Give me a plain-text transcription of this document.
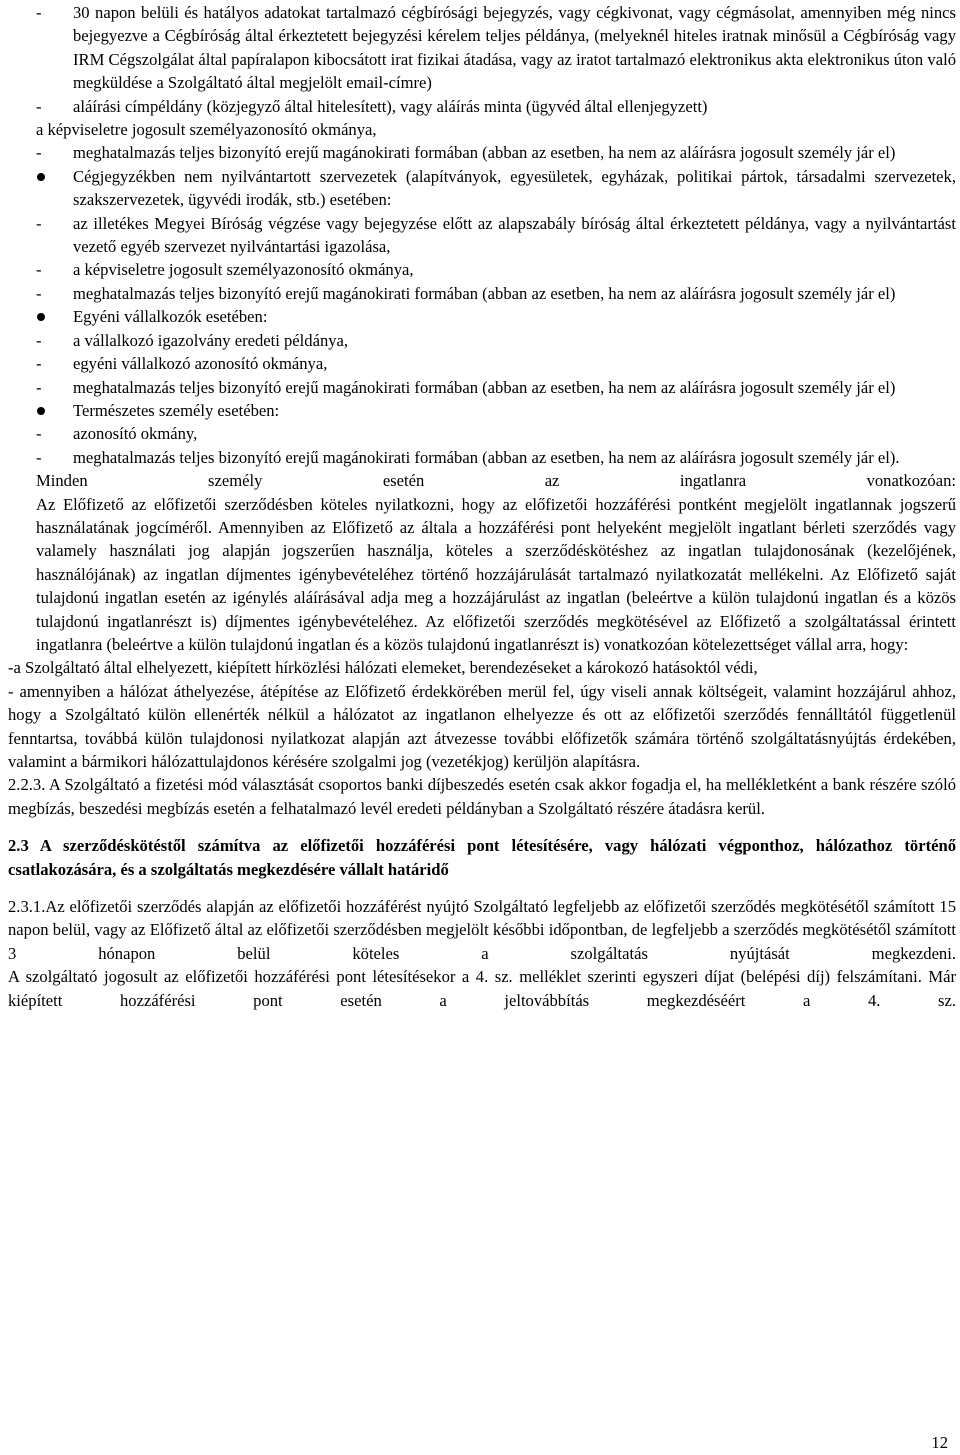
- 30 napon belüli és hatályos adatokat tartalmazó cégbírósági bejegyzés, vagy cégkivonat, vagy cégmásolat, amennyiben még nincs bejegyezve a Cégbíróság által érkeztetett bejegyzési kérelem teljes példánya, (melyeknél hiteles iratnak minősül a Cégbíróság vagy IRM Cégszolgálat által papíralapon kibocsátott irat fizikai átadása, vagy az iratot tartalmazó elektronikus akta elektronikus úton való megküldése a Szolgáltató által megjelölt email-címre)
- aláírási címpéldány (közjegyző által hitelesített), vagy aláírás minta (ügyvéd által ellenjegyzett)
a képviseletre jogosult személyazonosító okmánya,
- meghatalmazás teljes bizonyító erejű magánokirati formában (abban az esetben, ha nem az aláírásra jogosult személy jár el)
Cégjegyzékben nem nyilvántartott szervezetek (alapítványok, egyesületek, egyházak, politikai pártok, társadalmi szervezetek, szakszervezetek, ügyvédi irodák, stb.) esetében:
- az illetékes Megyei Bíróság végzése vagy bejegyzése előtt az alapszabály bíróság által érkeztetett példánya, vagy a nyilvántartást vezető egyéb szervezet nyilvántartási igazolása,
- a képviseletre jogosult személyazonosító okmánya,
- meghatalmazás teljes bizonyító erejű magánokirati formában (abban az esetben, ha nem az aláírásra jogosult személy jár el)
Egyéni vállalkozók esetében:
- a vállalkozó igazolvány eredeti példánya,
- egyéni vállalkozó azonosító okmánya,
- meghatalmazás teljes bizonyító erejű magánokirati formában (abban az esetben, ha nem az aláírásra jogosult személy jár el)
Természetes személy esetében:
- azonosító okmány,
- meghatalmazás teljes bizonyító erejű magánokirati formában (abban az esetben, ha nem az aláírásra jogosult személy jár el).
Minden személy esetén az ingatlanra vonatkozóan:
Az Előfizető az előfizetői szerződésben köteles nyilatkozni, hogy az előfizetői hozzáférési pontként megjelölt ingatlannak jogszerű használatának jogcíméről. Amennyiben az Előfizető az általa a hozzáférési pont helyeként megjelölt ingatlant bérleti szerződés vagy valamely használati jog alapján jogszerűen használja, köteles a szerződéskötéshez az ingatlan tulajdonosának (kezelőjének, használójának) az ingatlan díjmentes igénybevételéhez történő hozzájárulását tartalmazó nyilatkozatát mellékelni. Az Előfizető saját tulajdonú ingatlan esetén az igénylés aláírásával adja meg a hozzájárulást az ingatlan (beleértve a külön tulajdonú ingatlan és a közös tulajdonú ingatlanrészt is) díjmentes igénybevételéhez. Az előfizetői szerződés megkötésével az Előfizető a szolgáltatással érintett ingatlanra (beleértve a külön tulajdonú ingatlan és a közös tulajdonú ingatlanrészt is) vonatkozóan kötelezettséget vállal arra, hogy:
-a Szolgáltató által elhelyezett, kiépített hírközlési hálózati elemeket, berendezéseket a károkozó hatásoktól védi,
- amennyiben a hálózat áthelyezése, átépítése az Előfizető érdekkörében merül fel, úgy viseli annak költségeit, valamint hozzájárul ahhoz, hogy a Szolgáltató külön ellenérték nélkül a hálózatot az ingatlanon elhelyezze és ott az előfizetői szerződés fennálltától függetlenül fenntartsa, továbbá külön tulajdonosi nyilatkozat alapján azt átvezesse további előfizetők számára történő szolgáltatásnyújtás érdekében, valamint a bármikori hálózattulajdonos kérésére szolgalmi jog (vezetékjog) kerüljön alapításra.
2.2.3. A Szolgáltató a fizetési mód választását csoportos banki díjbeszedés esetén csak akkor fogadja el, ha mellékletként a bank részére szóló megbízás, beszedési megbízás esetén a felhatalmazó levél eredeti példányban a Szolgáltató részére átadásra kerül.
2.3 A szerződéskötéstől számítva az előfizetői hozzáférési pont létesítésére, vagy hálózati végponthoz, hálózathoz történő csatlakozására, és a szolgáltatás megkezdésére vállalt határidő
2.3.1.Az előfizetői szerződés alapján az előfizetői hozzáférést nyújtó Szolgáltató legfeljebb az előfizetői szerződés megkötésétől számított 15 napon belül, vagy az Előfizető által az előfizetői szerződésben megjelölt későbbi időpontban, de legfeljebb a szerződés megkötésétől számított 3 hónapon belül köteles a szolgáltatás nyújtását megkezdeni.
A szolgáltató jogosult az előfizetői hozzáférési pont létesítésekor a 4. sz. melléklet szerinti egyszeri díjat (belépési díj) felszámítani. Már kiépített hozzáférési pont esetén a jeltovábbítás megkezdéséért a 4. sz.
12
